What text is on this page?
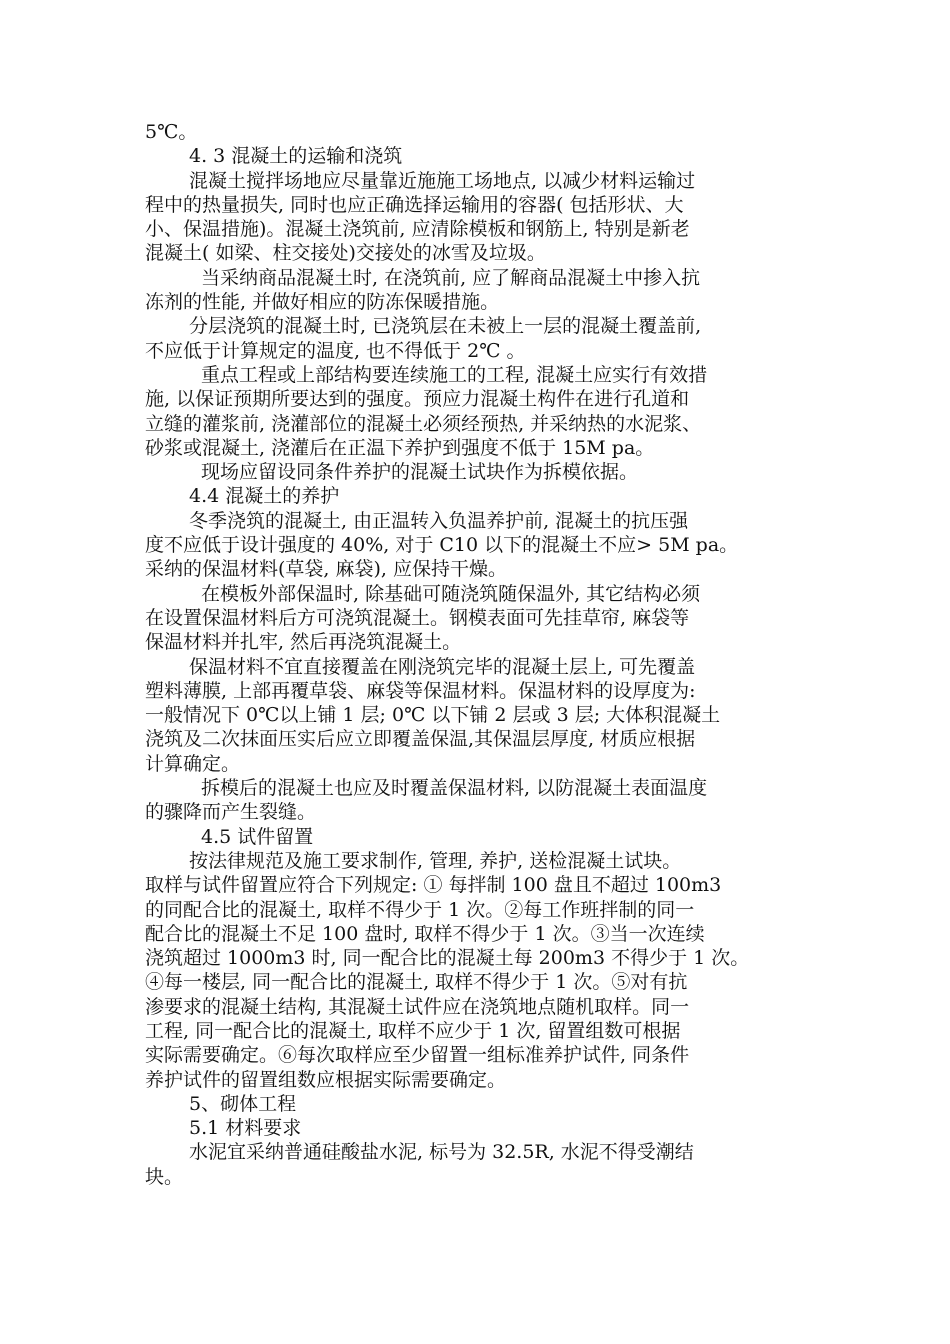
5℃。
4. 3 混凝土的运输和浇筑
混凝土搅拌场地应尽量靠近施施工场地点, 以减少材料运输过
程中的热量损失, 同时也应正确选择运输用的容器( 包括形状、大
小、保温措施)。混凝土浇筑前, 应清除模板和钢筋上, 特别是新老
混凝土( 如梁、柱交接处)交接处的冰雪及垃圾。
当采纳商品混凝土时, 在浇筑前, 应了解商品混凝土中掺入抗
冻剂的性能, 并做好相应的防冻保暖措施。
分层浇筑的混凝土时, 已浇筑层在未被上一层的混凝土覆盖前,
不应低于计算规定的温度, 也不得低于 2℃ 。
重点工程或上部结构要连续施工的工程, 混凝土应实行有效措
施, 以保证预期所要达到的强度。预应力混凝土构件在进行孔道和
立缝的灌浆前, 浇灌部位的混凝土必须经预热, 并采纳热的水泥浆、
砂浆或混凝土, 浇灌后在正温下养护到强度不低于 15M pa。
现场应留设同条件养护的混凝土试块作为拆模依据。
4.4 混凝土的养护
冬季浇筑的混凝土, 由正温转入负温养护前, 混凝土的抗压强
度不应低于设计强度的 40%, 对于 C10 以下的混凝土不应> 5M pa。
采纳的保温材料(草袋, 麻袋), 应保持干燥。
在模板外部保温时, 除基础可随浇筑随保温外, 其它结构必须
在设置保温材料后方可浇筑混凝土。钢模表面可先挂草帘, 麻袋等
保温材料并扎牢, 然后再浇筑混凝土。
保温材料不宜直接覆盖在刚浇筑完毕的混凝土层上, 可先覆盖
塑料薄膜, 上部再覆草袋、麻袋等保温材料。保温材料的设厚度为:
一般情况下 0℃以上铺 1 层; 0℃ 以下铺 2 层或 3 层; 大体积混凝土
浇筑及二次抹面压实后应立即覆盖保温,其保温层厚度, 材质应根据
计算确定。
拆模后的混凝土也应及时覆盖保温材料, 以防混凝土表面温度
的骤降而产生裂缝。
4.5 试件留置
按法律规范及施工要求制作, 管理, 养护, 送检混凝土试块。
取样与试件留置应符合下列规定: ① 每拌制 100 盘且不超过 100m3
的同配合比的混凝土, 取样不得少于 1 次。②每工作班拌制的同一
配合比的混凝土不足 100 盘时, 取样不得少于 1 次。③当一次连续
浇筑超过 1000m3 时, 同一配合比的混凝土每 200m3 不得少于 1 次。
④每一楼层, 同一配合比的混凝土, 取样不得少于 1 次。⑤对有抗
渗要求的混凝土结构, 其混凝土试件应在浇筑地点随机取样。同一
工程, 同一配合比的混凝土, 取样不应少于 1 次, 留置组数可根据
实际需要确定。⑥每次取样应至少留置一组标准养护试件, 同条件
养护试件的留置组数应根据实际需要确定。
5、砌体工程
5.1 材料要求
水泥宜采纳普通硅酸盐水泥, 标号为 32.5R, 水泥不得受潮结
块。
